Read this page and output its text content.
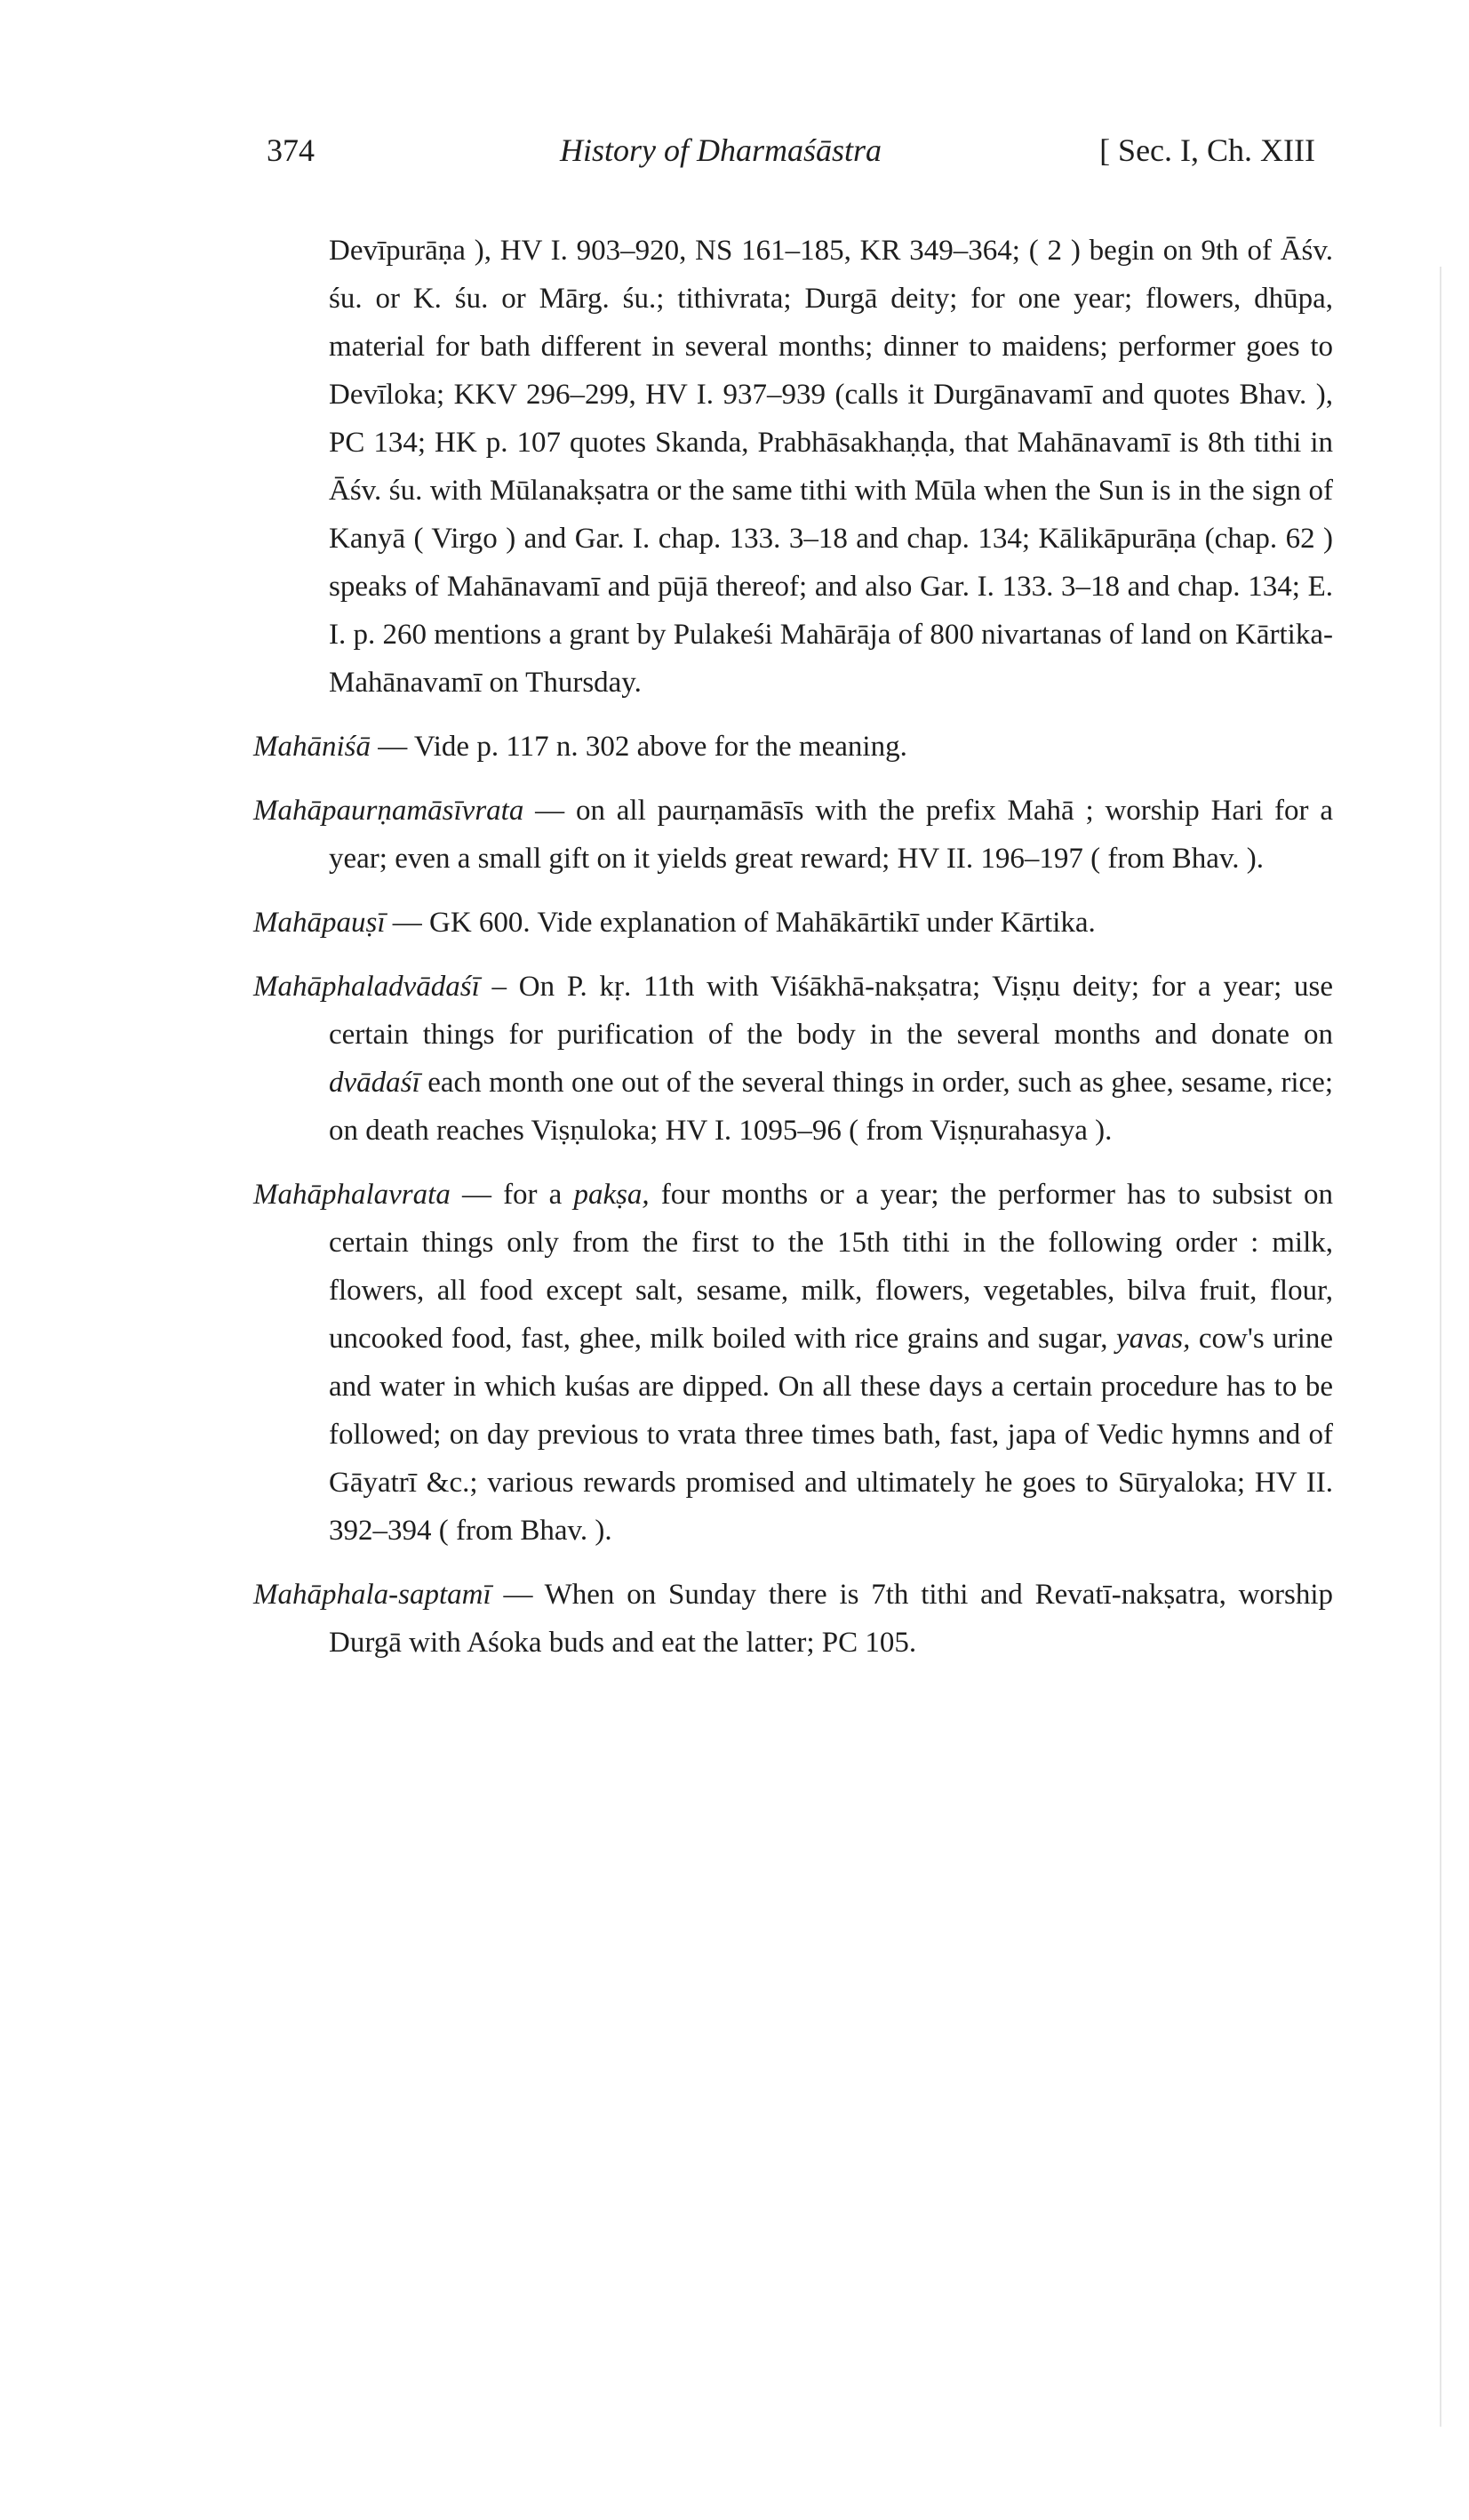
374	History of Dharmaśāstra	[ Sec. I, Ch. XIII

Devīpurāṇa ), HV I. 903–920, NS 161–185, KR 349–364; ( 2 ) begin on 9th of Āśv. śu. or K. śu. or Mārg. śu.; tithivrata; Durgā deity; for one year; flowers, dhūpa, material for bath different in several months; dinner to maidens; performer goes to Devīloka; KKV 296–299, HV I. 937–939 (calls it Durgānavamī and quotes Bhav. ), PC 134; HK p. 107 quotes Skanda, Prabhāsakhaṇḍa, that Mahānavamī is 8th tithi in Āśv. śu. with Mūlanakṣatra or the same tithi with Mūla when the Sun is in the sign of Kanyā ( Virgo ) and Gar. I. chap. 133. 3–18 and chap. 134; Kālikāpurāṇa (chap. 62 ) speaks of Mahānavamī and pūjā thereof; and also Gar. I. 133. 3–18 and chap. 134; E. I. p. 260 mentions a grant by Pulakeśi Mahārāja of 800 nivartanas of land on Kārtika-Mahānavamī on Thursday.

Mahāniśā — Vide p. 117 n. 302 above for the meaning.

Mahāpaurṇamāsīvrata — on all paurṇamāsīs with the prefix Mahā ; worship Hari for a year; even a small gift on it yields great reward; HV II. 196–197 ( from Bhav. ).

Mahāpauṣī — GK 600. Vide explanation of Mahākārtikī under Kārtika.

Mahāphaladvādaśī – On P. kṛ. 11th with Viśākhā-nakṣatra; Viṣṇu deity; for a year; use certain things for purification of the body in the several months and donate on dvādaśī each month one out of the several things in order, such as ghee, sesame, rice; on death reaches Viṣṇuloka; HV I. 1095–96 ( from Viṣṇurahasya ).

Mahāphalavrata — for a pakṣa, four months or a year; the performer has to subsist on certain things only from the first to the 15th tithi in the following order : milk, flowers, all food except salt, sesame, milk, flowers, vegetables, bilva fruit, flour, uncooked food, fast, ghee, milk boiled with rice grains and sugar, yavas, cow's urine and water in which kuśas are dipped. On all these days a certain procedure has to be followed; on day previous to vrata three times bath, fast, japa of Vedic hymns and of Gāyatrī &c.; various rewards promised and ultimately he goes to Sūryaloka; HV II. 392–394 ( from Bhav. ).

Mahāphala-saptamī — When on Sunday there is 7th tithi and Revatī-nakṣatra, worship Durgā with Aśoka buds and eat the latter; PC 105.
